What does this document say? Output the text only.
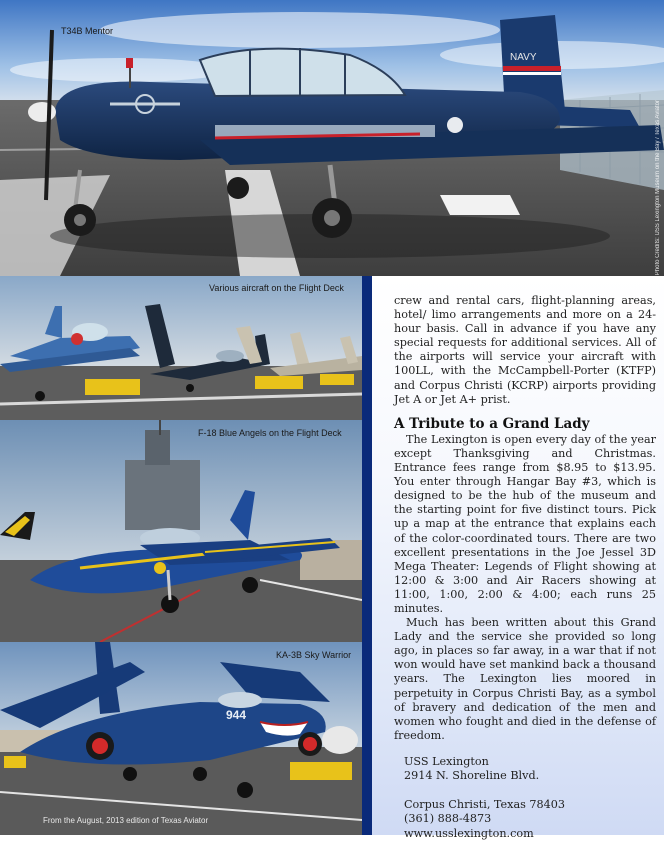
T34B Mentor
Photo Credits: USS Lexington Museum on the Bay / Texas Aviator
NAVY
Various aircraft on the Flight Deck
F-18 Blue Angels on the Flight Deck
944
KA-3B Sky Warrior
From the August, 2013 edition of Texas Aviator

crew and rental cars, flight-planning areas, hotel/ limo arrangements and more on a 24-hour basis. Call in advance if you have any special requests for additional services. All of the airports will service your aircraft with 100LL, with the McCampbell-Porter (KTFP) and Corpus Christi (KCRP) airports providing Jet A or Jet A+ prist.

A Tribute to a Grand Lady

The Lexington is open every day of the year except Thanksgiving and Christmas. Entrance fees range from $8.95 to $13.95. You enter through Hangar Bay #3, which is designed to be the hub of the museum and the starting point for five distinct tours. Pick up a map at the entrance that explains each of the color-coordinated tours. There are two excellent presentations in the Joe Jessel 3D Mega Theater: Legends of Flight showing at 12:00 & 3:00 and Air Racers showing at 11:00, 1:00, 2:00 & 4:00; each runs 25 minutes.

Much has been written about this Grand Lady and the service she provided so long ago, in places so far away, in a war that if not won would have set mankind back a thousand years. The Lexington lies moored in perpetuity in Corpus Christi Bay, as a symbol of bravery and dedication of the men and women who fought and died in the defense of freedom.

USS Lexington
2914 N. Shoreline Blvd.
Corpus Christi, Texas 78403
(361) 888-4873
www.usslexington.com
